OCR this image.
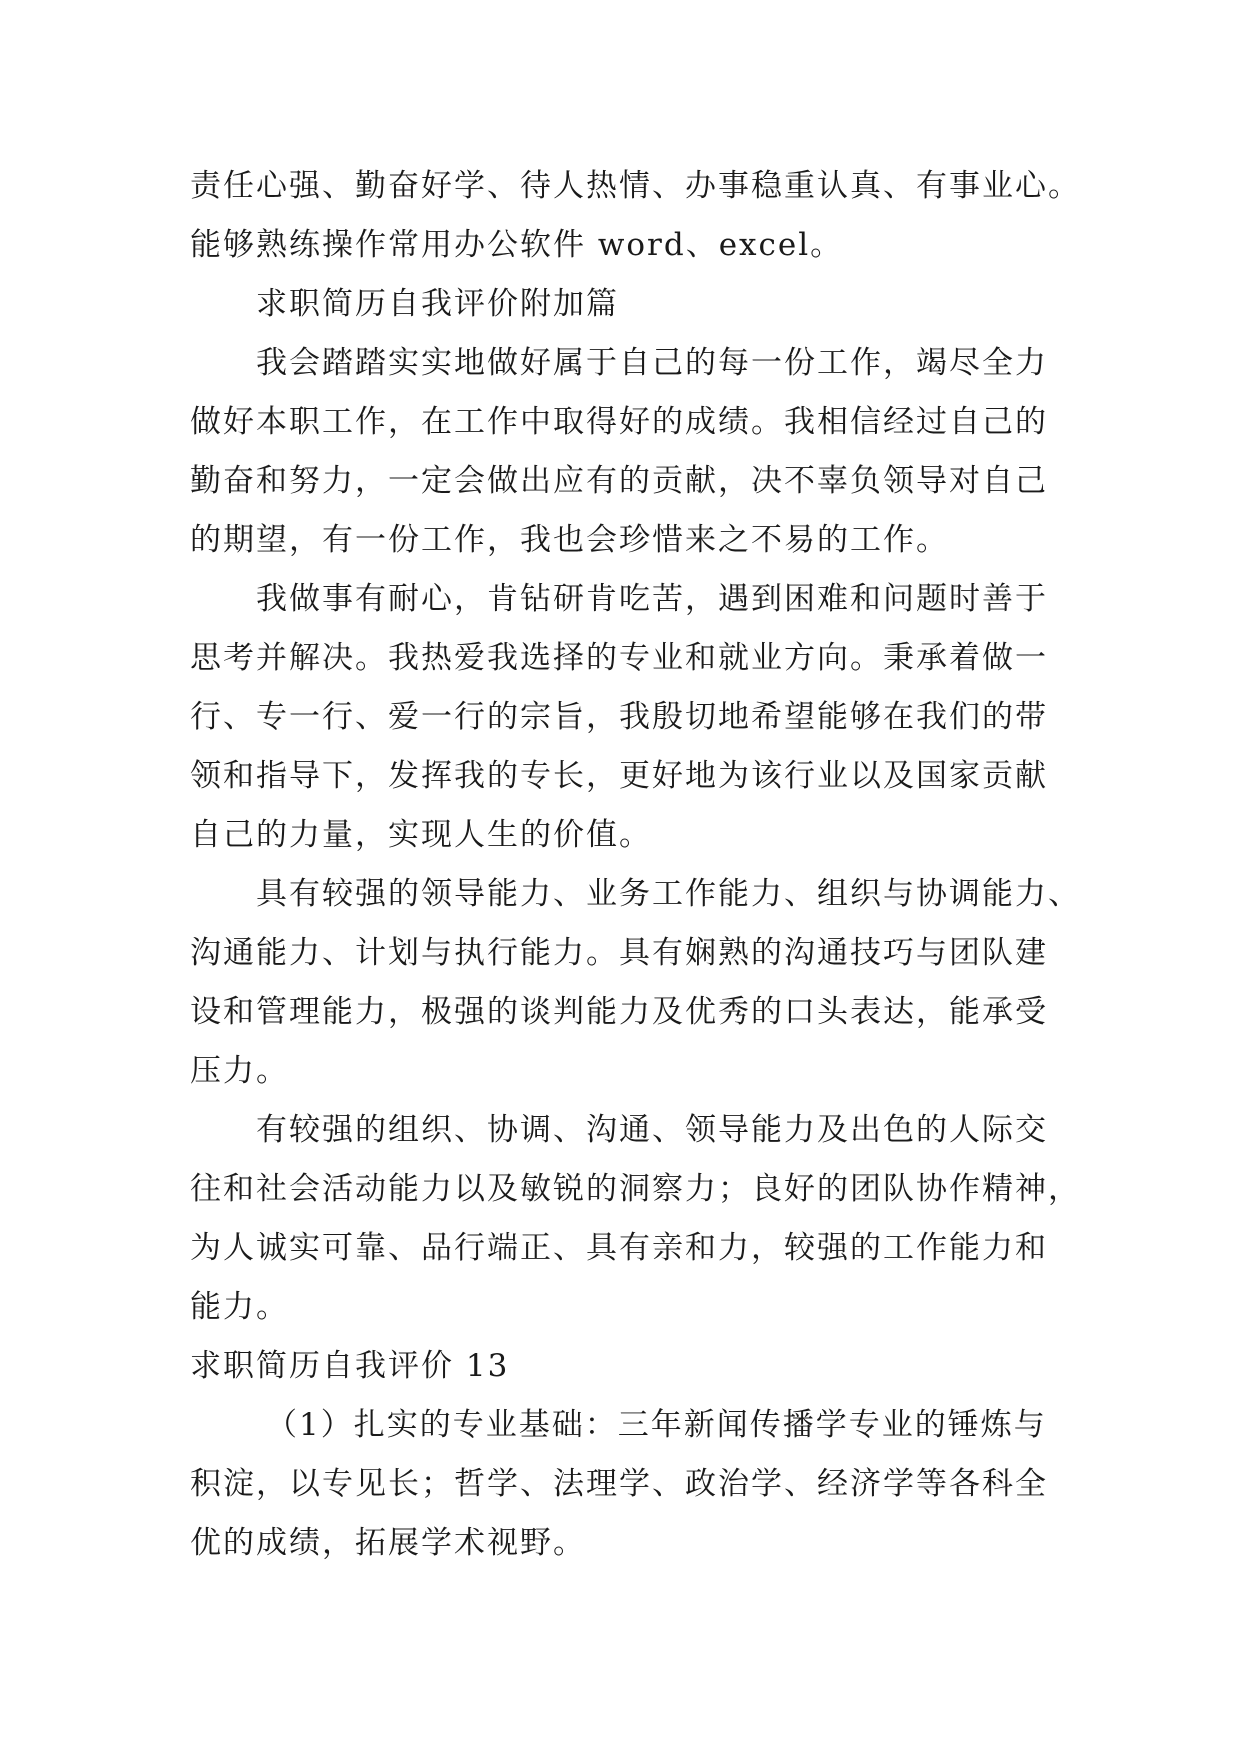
责任心强、勤奋好学、待人热情、办事稳重认真、有事业心。
能够熟练操作常用办公软件 word、excel。
求职简历自我评价附加篇
我会踏踏实实地做好属于自己的每一份工作，竭尽全力
做好本职工作，在工作中取得好的成绩。我相信经过自己的
勤奋和努力，一定会做出应有的贡献，决不辜负领导对自己
的期望，有一份工作，我也会珍惜来之不易的工作。
我做事有耐心，肯钻研肯吃苦，遇到困难和问题时善于
思考并解决。我热爱我选择的专业和就业方向。秉承着做一
行、专一行、爱一行的宗旨，我殷切地希望能够在我们的带
领和指导下，发挥我的专长，更好地为该行业以及国家贡献
自己的力量，实现人生的价值。
具有较强的领导能力、业务工作能力、组织与协调能力、
沟通能力、计划与执行能力。具有娴熟的沟通技巧与团队建
设和管理能力，极强的谈判能力及优秀的口头表达，能承受
压力。
有较强的组织、协调、沟通、领导能力及出色的人际交
往和社会活动能力以及敏锐的洞察力；良好的团队协作精神，
为人诚实可靠、品行端正、具有亲和力，较强的工作能力和
能力。
求职简历自我评价 13
（1）扎实的专业基础：三年新闻传播学专业的锤炼与
积淀，以专见长；哲学、法理学、政治学、经济学等各科全
优的成绩，拓展学术视野。
